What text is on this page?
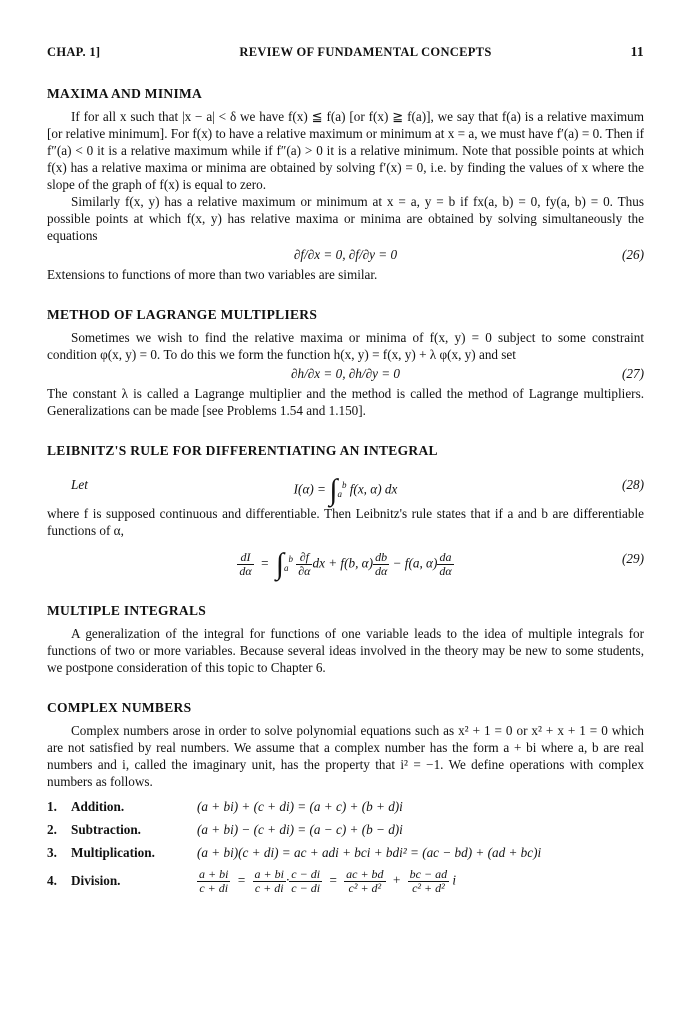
CHAP. 1]	REVIEW OF FUNDAMENTAL CONCEPTS	11
MAXIMA AND MINIMA

If for all x such that |x − a| < δ we have f(x) ≦ f(a) [or f(x) ≧ f(a)], we say that f(a) is a relative maximum [or relative minimum]. For f(x) to have a relative maximum or minimum at x = a, we must have f′(a) = 0. Then if f″(a) < 0 it is a relative maximum while if f″(a) > 0 it is a relative minimum. Note that possible points at which f(x) has a relative maxima or minima are obtained by solving f′(x) = 0, i.e. by finding the values of x where the slope of the graph of f(x) is equal to zero.

Similarly f(x, y) has a relative maximum or minimum at x = a, y = b if fx(a, b) = 0, fy(a, b) = 0. Thus possible points at which f(x, y) has relative maxima or minima are obtained by solving simultaneously the equations

∂f/∂x = 0, ∂f/∂y = 0	(26)

Extensions to functions of more than two variables are similar.

METHOD OF LAGRANGE MULTIPLIERS

Sometimes we wish to find the relative maxima or minima of f(x, y) = 0 subject to some constraint condition φ(x, y) = 0. To do this we form the function h(x, y) = f(x, y) + λ φ(x, y) and set

∂h/∂x = 0, ∂h/∂y = 0	(27)

The constant λ is called a Lagrange multiplier and the method is called the method of Lagrange multipliers. Generalizations can be made [see Problems 1.54 and 1.150].

LEIBNITZ'S RULE FOR DIFFERENTIATING AN INTEGRAL
Let	$I(\alpha) = \int_a^b$ f(x, α) dx	(28)

where f is supposed continuous and differentiable. Then Leibnitz's rule states that if a and b are differentiable functions of α,

$\frac{dI}{d\alpha} = \int_a^b \frac{\partial f}{\partial\alpha}$ dx + f(b, $\alpha) \frac{db}{d\alpha} - f(a$, $\alpha) \frac{da}{d\alpha}$	(29)
MULTIPLE INTEGRALS

A generalization of the integral for functions of one variable leads to the idea of multiple integrals for functions of two or more variables. Because several ideas involved in the theory may be new to some students, we postpone consideration of this topic to Chapter 6.

COMPLEX NUMBERS

Complex numbers arose in order to solve polynomial equations such as x² + 1 = 0 or x² + x + 1 = 0 which are not satisfied by real numbers. We assume that a complex number has the form a + bi where a, b are real numbers and i, called the imaginary unit, has the property that i² = −1. We define operations with complex numbers as follows.

1. Addition.	(a + bi) + (c + di) = (a + c) + (b + d)i
2. Subtraction.	(a + bi) − (c + di) = (a − c) + (b − d)i
3. Multiplication.	(a + bi)(c + di) = ac + adi + bci + bdi² = (ac − bd) + (ad + bc)i
4. Division.	$\frac{a + bi}{c + di} = \frac{a + bi}{c + di} \cdot \frac{c - di}{c - di} = \frac{ac + bd}{\text{c² + d²}} + \frac{bc - ad}{\text{c² + d²}}$ i
